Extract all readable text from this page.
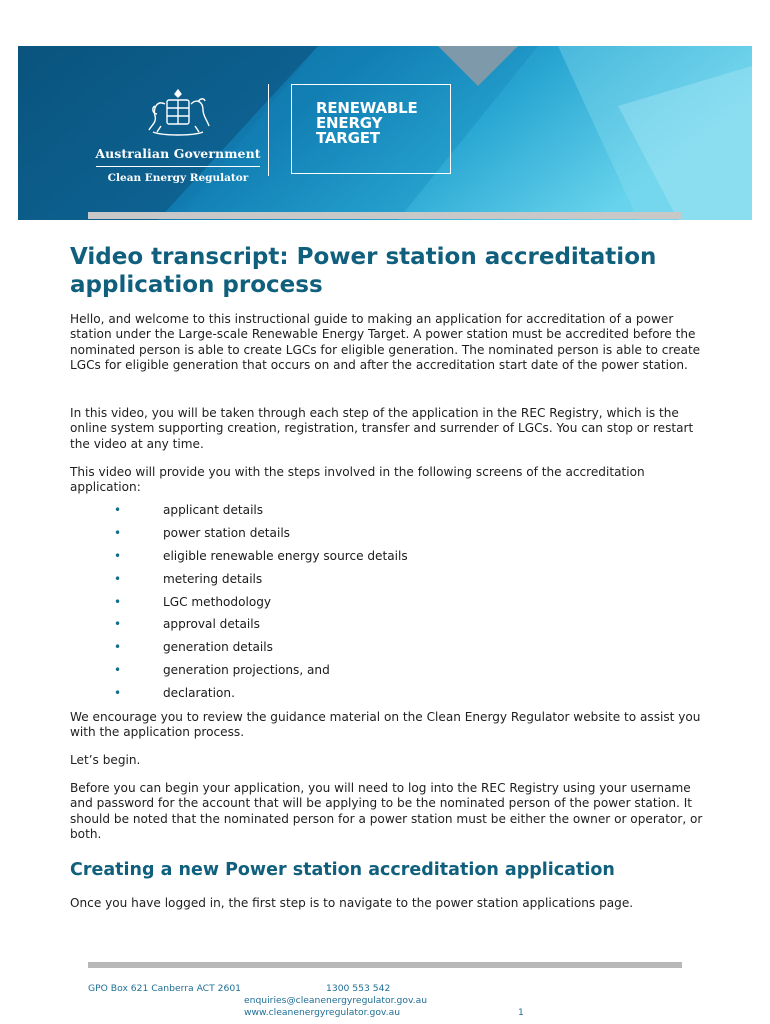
Australian Government
Clean Energy Regulator
RENEWABLE
ENERGY
TARGET
Video transcript: Power station accreditation application process

Hello, and welcome to this instructional guide to making an application for accreditation of a power station under the Large-scale Renewable Energy Target. A power station must be accredited before the nominated person is able to create LGCs for eligible generation. The nominated person is able to create LGCs for eligible generation that occurs on and after the accreditation start date of the power station.

In this video, you will be taken through each step of the application in the REC Registry, which is the online system supporting creation, registration, transfer and surrender of LGCs. You can stop or restart the video at any time.

This video will provide you with the steps involved in the following screens of the accreditation application:

•	applicant details
•	power station details
•	eligible renewable energy source details
•	metering details
•	LGC methodology
•	approval details
•	generation details
•	generation projections, and
•	declaration.

We encourage you to review the guidance material on the Clean Energy Regulator website to assist you with the application process.

Let’s begin.

Before you can begin your application, you will need to log into the REC Registry using your username and password for the account that will be applying to be the nominated person of the power station. It should be noted that the nominated person for a power station must be either the owner or operator, or both.

Creating a new Power station accreditation application

Once you have logged in, the first step is to navigate to the power station applications page.

GPO Box 621 Canberra ACT 2601	1300 553 542
enquiries@cleanenergyregulator.gov.au
www.cleanenergyregulator.gov.au	1
